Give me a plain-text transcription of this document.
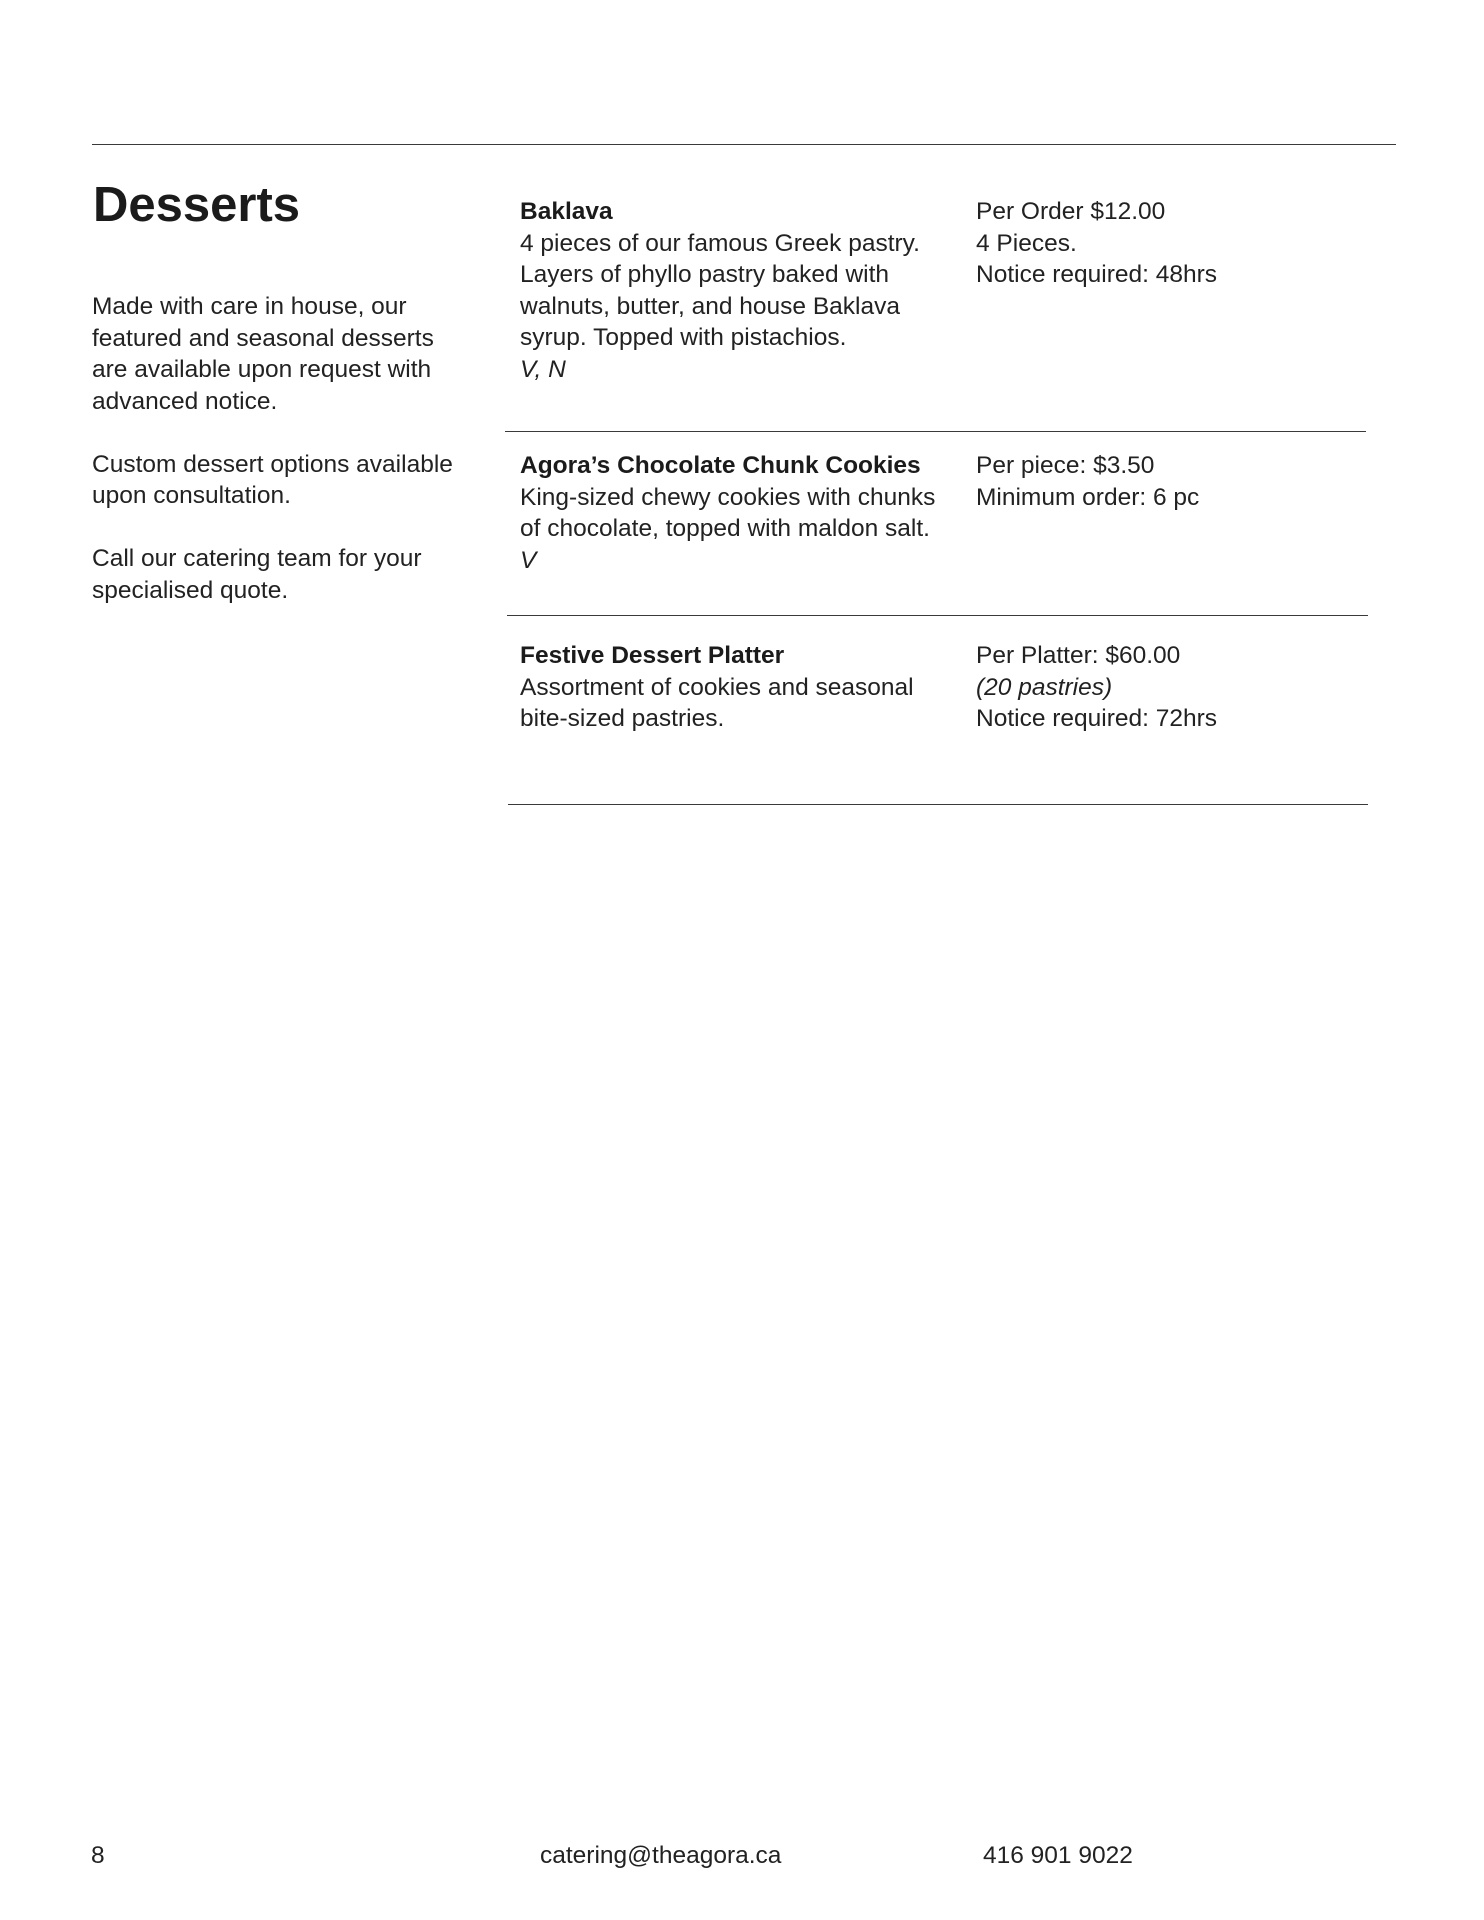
Desserts

Made with care in house, our featured and seasonal desserts are available upon request with advanced notice.

Custom dessert options available upon consultation.

Call our catering team for your specialised quote.

Baklava
4 pieces of our famous Greek pastry. Layers of phyllo pastry baked with walnuts, butter, and house Baklava syrup. Topped with pistachios.
V, N
Per Order $12.00
4 Pieces.
Notice required: 48hrs
Agora’s Chocolate Chunk Cookies
King-sized chewy cookies with chunks of chocolate, topped with maldon salt.
V
Per piece: $3.50
Minimum order: 6 pc
Festive Dessert Platter
Assortment of cookies and seasonal bite-sized pastries.
Per Platter: $60.00
(20 pastries)
Notice required: 72hrs
8	catering@theagora.ca	416 901 9022
